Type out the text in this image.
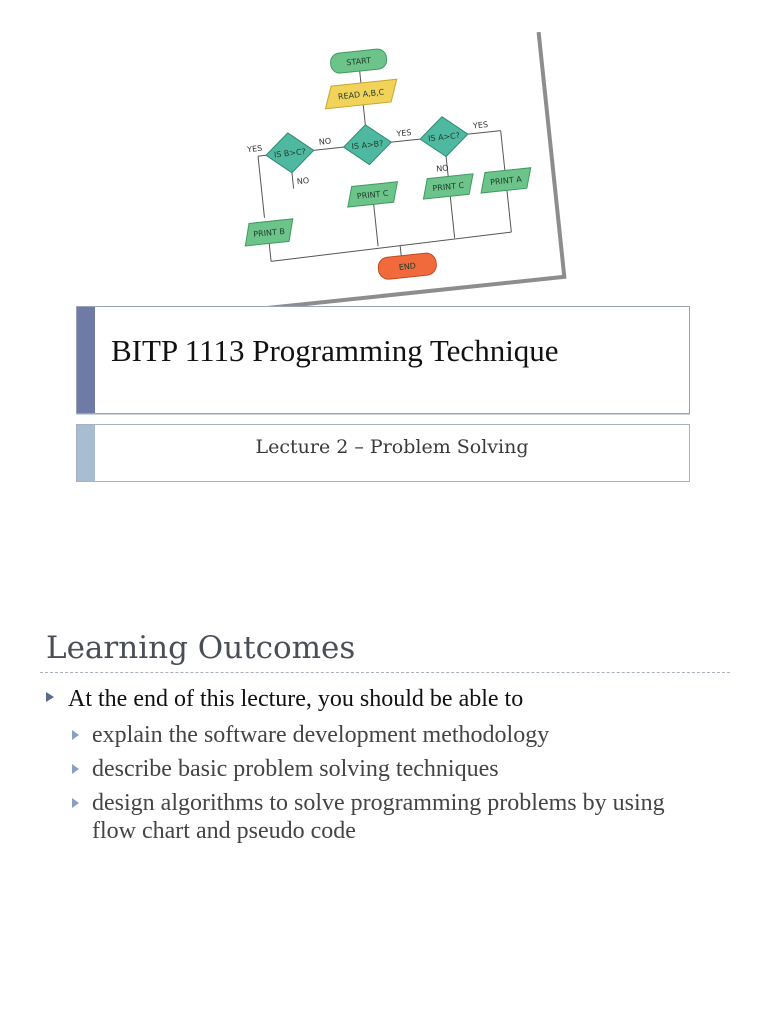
START
READ A,B,C
IS A>B?
IS B>C?
IS A>C?
NO
YES
YES
NO
YES
NO
PRINT B
PRINT C
PRINT C	PRINT A
END
BITP 1113 Programming Technique
Lecture 2 – Problem Solving
Learning Outcomes
At the end of this lecture, you should be able to
explain the software development methodology
describe basic problem solving techniques
design algorithms to solve programming problems by using flow chart and pseudo code
